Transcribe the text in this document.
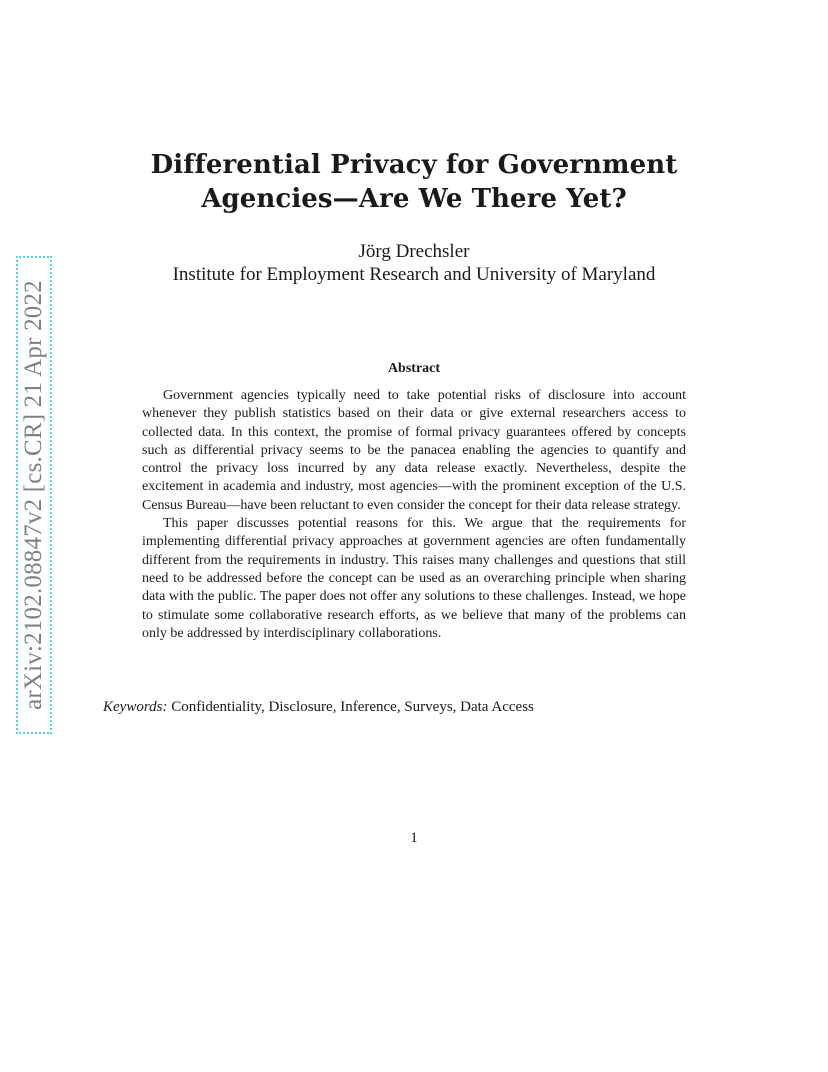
arXiv:2102.08847v2 [cs.CR] 21 Apr 2022
Differential Privacy for Government
Agencies—Are We There Yet?
Jörg Drechsler
Institute for Employment Research and University of Maryland
Abstract

Government agencies typically need to take potential risks of disclosure into account whenever they publish statistics based on their data or give external researchers access to collected data. In this context, the promise of formal privacy guarantees offered by concepts such as differential privacy seems to be the panacea enabling the agencies to quantify and control the privacy loss incurred by any data release exactly. Nevertheless, despite the excitement in academia and industry, most agencies—with the prominent exception of the U.S. Census Bureau—have been reluctant to even consider the concept for their data release strategy.

This paper discusses potential reasons for this. We argue that the requirements for implementing differential privacy approaches at government agencies are often fundamentally different from the requirements in industry. This raises many challenges and questions that still need to be addressed before the concept can be used as an overarching principle when sharing data with the public. The paper does not offer any solutions to these challenges. Instead, we hope to stimulate some collaborative research efforts, as we believe that many of the problems can only be addressed by interdisciplinary collaborations.

Keywords: Confidentiality, Disclosure, Inference, Surveys, Data Access
1
